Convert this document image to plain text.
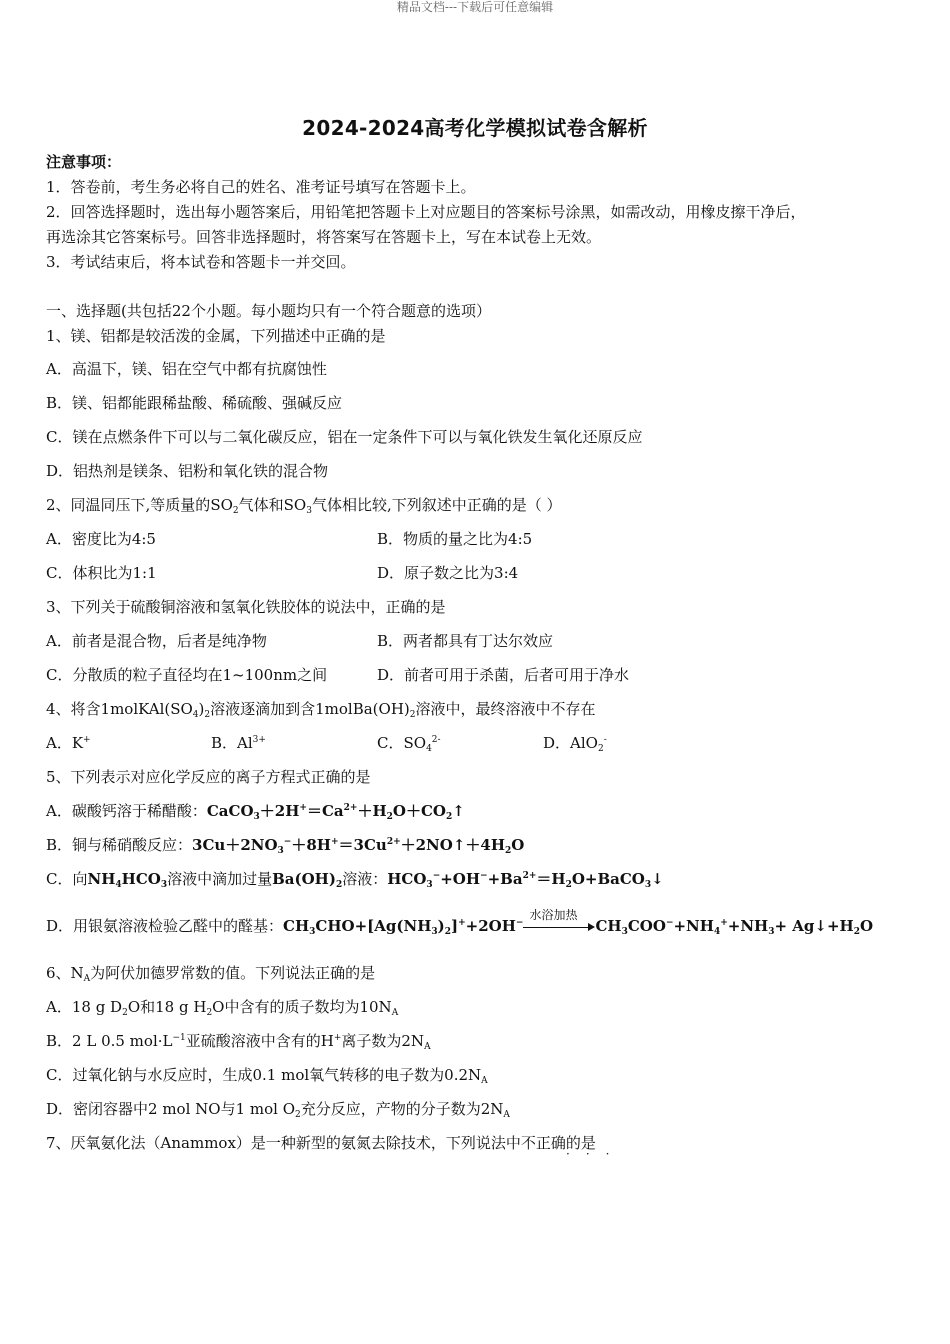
精品文档---下载后可任意编辑
2024-2024高考化学模拟试卷含解析
注意事项：
1．答卷前，考生务必将自己的姓名、准考证号填写在答题卡上。
2．回答选择题时，选出每小题答案后，用铅笔把答题卡上对应题目的答案标号涂黑，如需改动，用橡皮擦干净后，
再选涂其它答案标号。回答非选择题时，将答案写在答题卡上，写在本试卷上无效。
3．考试结束后，将本试卷和答题卡一并交回。
一、选择题(共包括22个小题。每小题均只有一个符合题意的选项）
1、镁、铝都是较活泼的金属，下列描述中正确的是
A．高温下，镁、铝在空气中都有抗腐蚀性
B．镁、铝都能跟稀盐酸、稀硫酸、强碱反应
C．镁在点燃条件下可以与二氧化碳反应，铝在一定条件下可以与氧化铁发生氧化还原反应
D．铝热剂是镁条、铝粉和氧化铁的混合物
2、同温同压下,等质量的$SO_2$气体和$SO_3$气体相比较,下列叙述中正确的是（ ）
A．密度比为4:5	B．物质的量之比为4:5
C．体积比为1:1	D．原子数之比为3:4
3、下列关于硫酸铜溶液和氢氧化铁胶体的说法中，正确的是
A．前者是混合物，后者是纯净物	B．两者都具有丁达尔效应
C．分散质的粒子直径均在1~100nm之间	D．前者可用于杀菌，后者可用于净水
4、将含$1molKAl(SO_4)_2$溶液逐滴加到含$1molBa(OH)_2$溶液中，最终溶液中不存在
A．K+	B．$Al^{3+}$	C．$SO_4^{2-}$	D．AlO$_2$-
5、下列表示对应化学反应的离子方程式正确的是
A．碳酸钙溶于稀醋酸：$CaCO_3+2H^+=Ca^{2+}+H_2O+CO_2↑$
B．铜与稀硝酸反应：$3Cu+2NO_3^-+8H^+=3Cu^{2+}+2NO↑+4H_2O$
C．向$NH_4HCO_3$溶液中滴加过量$Ba(OH)_2$溶液：$HCO_3^-+OH^-+Ba^{2+}=H_2O+BaCO_3↓$
D．用银氨溶液检验乙醛中的醛基：$CH_3CHO+[Ag(NH_3)_2]^++2OH^-$
水浴加热
$CH_3COO^-+NH_4^++NH_3+$ $Ag↓+H_2O$
6、$N_A$为阿伏加德罗常数的值。下列说法正确的是
A．18 g $D_2O$和18 g $H_2O$中含有的质子数均为$10N_A$
B．2 L 0.5 $mol\cdot L^{-1}$亚硫酸溶液中含有的H+离子数为$2N_A$
C．过氧化钠与水反应时，生成0.1 mol氧气转移的电子数为$0.2N_A$
D．密闭容器中2 mol NO与1 mol $O_2$充分反应，产物的分子数为$2N_A$
7、厌氧氨化法（Anammox）是一种新型的氨氮去除技术，下列说法中不正确的是
···
